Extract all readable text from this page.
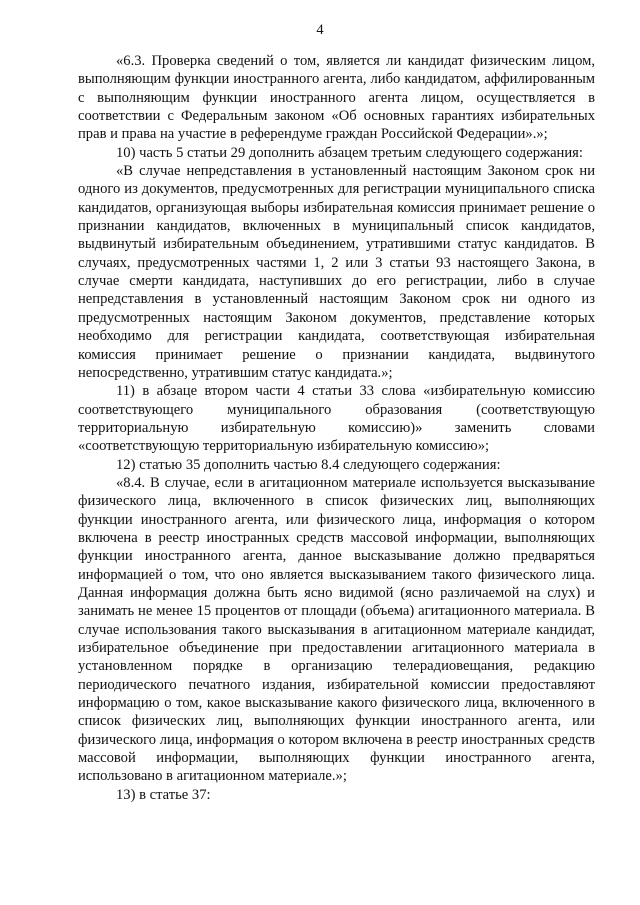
4

«6.3. Проверка сведений о том, является ли кандидат физическим лицом, выполняющим функции иностранного агента, либо кандидатом, аффилированным с выполняющим функции иностранного агента лицом, осуществляется в соответствии с Федеральным законом «Об основных гарантиях избирательных прав и права на участие в референдуме граждан Российской Федерации».»;

10) часть 5 статьи 29 дополнить абзацем третьим следующего содержания:

«В случае непредставления в установленный настоящим Законом срок ни одного из документов, предусмотренных для регистрации муниципального списка кандидатов, организующая выборы избирательная комиссия принимает решение о признании кандидатов, включенных в муниципальный список кандидатов, выдвинутый избирательным объединением, утратившими статус кандидатов. В случаях, предусмотренных частями 1, 2 или 3 статьи 93 настоящего Закона, в случае смерти кандидата, наступивших до его регистрации, либо в случае непредставления в установленный настоящим Законом срок ни одного из предусмотренных настоящим Законом документов, представление которых необходимо для регистрации кандидата, соответствующая избирательная комиссия принимает решение о признании кандидата, выдвинутого непосредственно, утратившим статус кандидата.»;

11) в абзаце втором части 4 статьи 33 слова «избирательную комиссию соответствующего муниципального образования (соответствующую территориальную избирательную комиссию)» заменить словами «соответствующую территориальную избирательную комиссию»;

12) статью 35 дополнить частью 8.4 следующего содержания:

«8.4. В случае, если в агитационном материале используется высказывание физического лица, включенного в список физических лиц, выполняющих функции иностранного агента, или физического лица, информация о котором включена в реестр иностранных средств массовой информации, выполняющих функции иностранного агента, данное высказывание должно предваряться информацией о том, что оно является высказыванием такого физического лица. Данная информация должна быть ясно видимой (ясно различаемой на слух) и занимать не менее 15 процентов от площади (объема) агитационного материала. В случае использования такого высказывания в агитационном материале кандидат, избирательное объединение при предоставлении агитационного материала в установленном порядке в организацию телерадиовещания, редакцию периодического печатного издания, избирательной комиссии предоставляют информацию о том, какое высказывание какого физического лица, включенного в список физических лиц, выполняющих функции иностранного агента, или физического лица, информация о котором включена в реестр иностранных средств массовой информации, выполняющих функции иностранного агента, использовано в агитационном материале.»;

13) в статье 37:
